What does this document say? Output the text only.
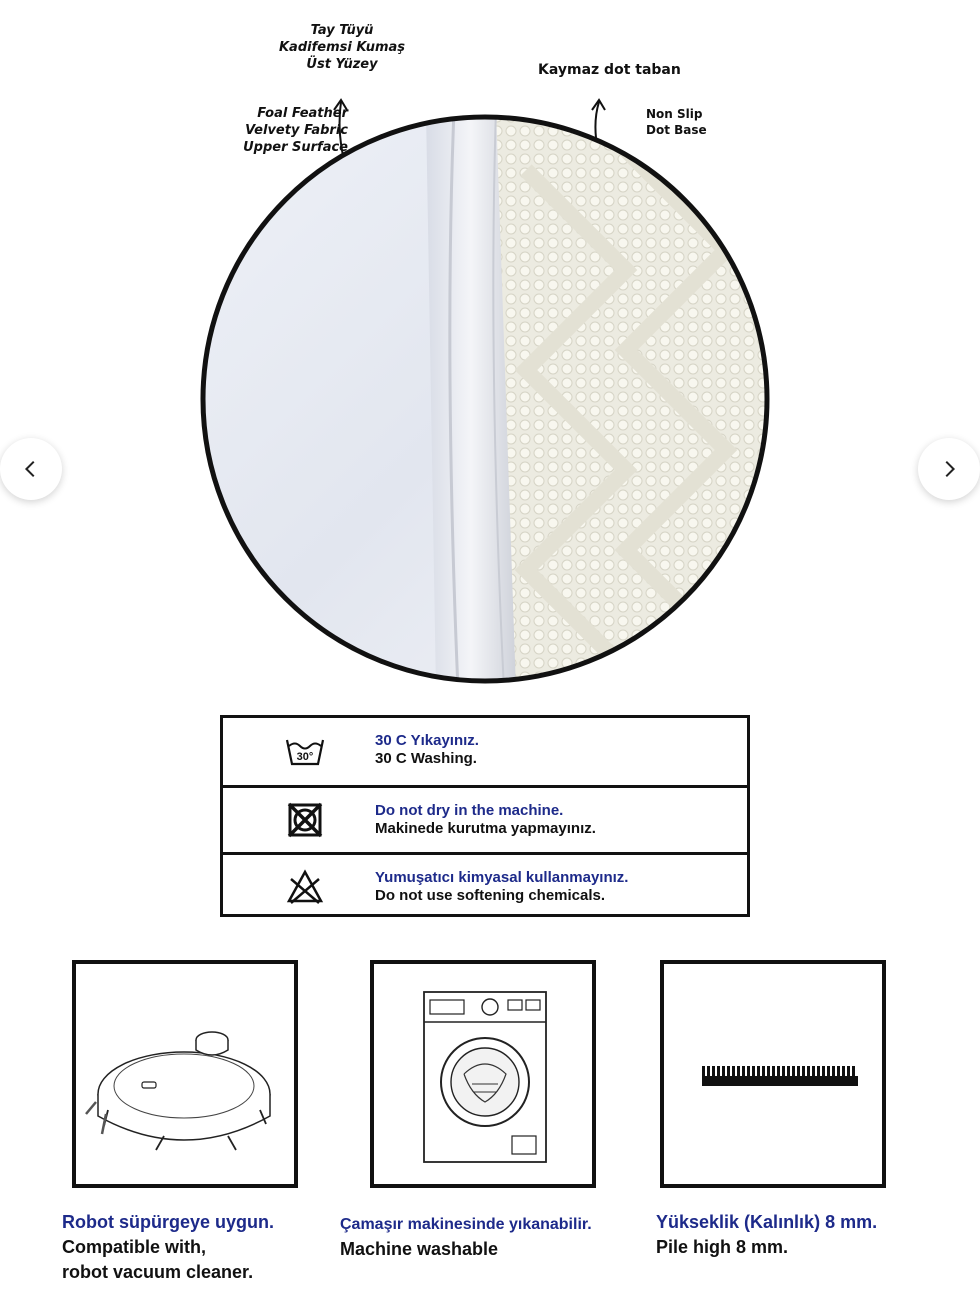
Tay Tüyü
Kadifemsi Kumaş
Üst Yüzey
Foal Feather
Velvety Fabric
Upper Surface
Kaymaz dot taban
Non Slip
Dot Base
30°
30 C Yıkayınız.
30 C Washing.
Do not dry in the machine.
Makinede kurutma yapmayınız.
Yumuşatıcı kimyasal kullanmayınız.
Do not use softening chemicals.
Robot süpürgeye uygun.
Compatible with,
robot vacuum cleaner.
Çamaşır makinesinde yıkanabilir.
Machine washable
Yükseklik (Kalınlık) 8 mm.
Pile high 8 mm.
